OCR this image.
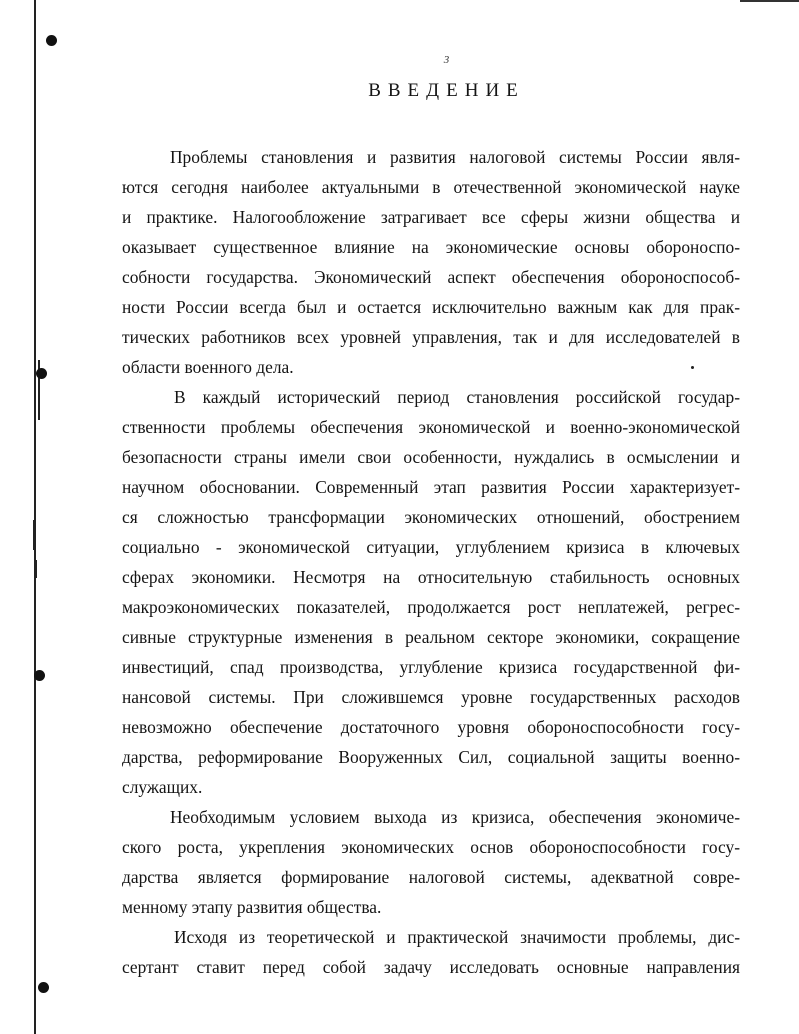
3
ВВЕДЕНИЕ
Проблемы становления и развития налоговой системы России явля-
ются сегодня наиболее актуальными в отечественной экономической науке
и практике. Налогообложение затрагивает все сферы жизни общества и
оказывает существенное влияние на экономические основы обороноспо-
собности государства. Экономический аспект обеспечения обороноспособ-
ности России всегда был и остается исключительно важным как для прак-
тических работников всех уровней управления, так и для исследователей в
области военного дела.
В каждый исторический период становления российской государ-
ственности проблемы обеспечения экономической и военно-экономической
безопасности страны имели свои особенности, нуждались в осмыслении и
научном обосновании. Современный этап развития России характеризует-
ся сложностью трансформации экономических отношений, обострением
социально - экономической ситуации, углублением кризиса в ключевых
сферах экономики. Несмотря на относительную стабильность основных
макроэкономических показателей, продолжается рост неплатежей, регрес-
сивные структурные изменения в реальном секторе экономики, сокращение
инвестиций, спад производства, углубление кризиса государственной фи-
нансовой системы. При сложившемся уровне государственных расходов
невозможно обеспечение достаточного уровня обороноспособности госу-
дарства, реформирование Вооруженных Сил, социальной защиты военно-
служащих.
Необходимым условием выхода из кризиса, обеспечения экономиче-
ского роста, укрепления экономических основ обороноспособности госу-
дарства является формирование налоговой системы, адекватной совре-
менному этапу развития общества.
Исходя из теоретической и практической значимости проблемы, дис-
сертант ставит перед собой задачу исследовать основные направления
